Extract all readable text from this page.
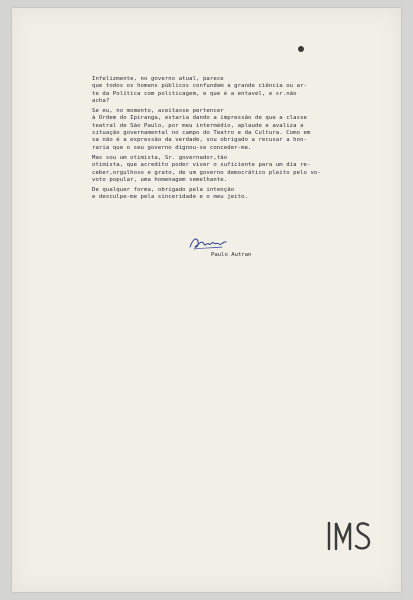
Infelizmente, no governo atual, parece
que todos os homens públicos confundem a grande ciência ou ar-
te da Política com politicagem, e que é a entavel, e sr.não
acha?

Se eu, no momento, aceitasse pertencer
à Ordem do Ipiranga, estaria dando a impressão de que a classe
teatral de São Paulo, por meu intermédio, aplaude e avaliza a
situação governamental no campo do Teatro e da Cultura. Como em
sa não é a expressão da verdade, sou obrigado a recusar a hon-
raria que o seu governo dignou-se conceder-me.

Mas sou um otimista, Sr. governador,tão
otimista, que acredito poder viver o suficiente para um dia re-
ceber,orgulhoso e grato, de um governo democrático pleito pelo vo-
voto popular, uma homenagem semelhante.

De qualquer forma, obrigado pela intenção
e desculpe-me pela sinceridade e o meu jeito.

Paulo Autran
